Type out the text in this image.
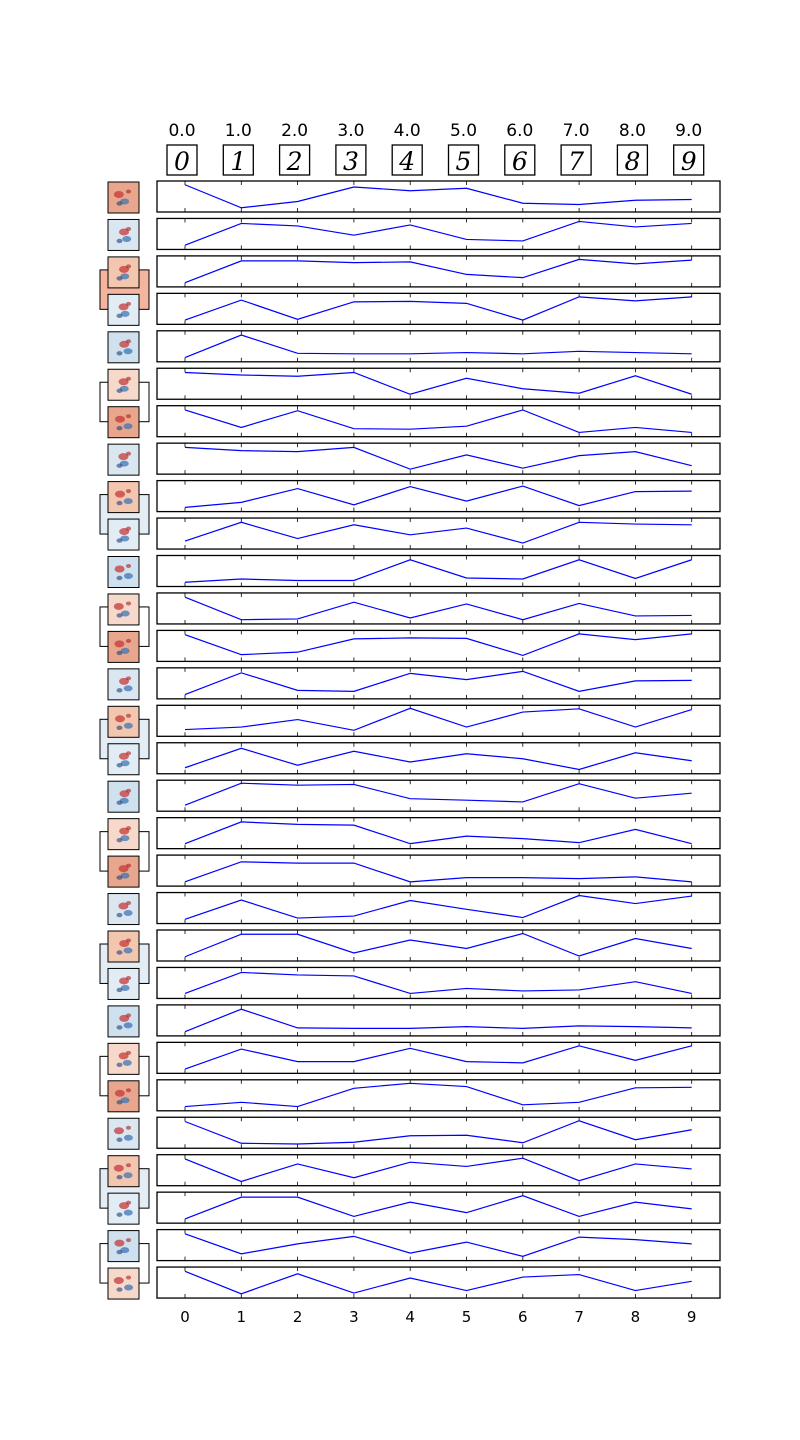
0.0 1.0 2.0 3.0 4.0 5.0 6.0 7.0 8.0 9.0
0 1 2 3 4 5 6 7 8 9
0	1	2	3	4	5	6	7	8	9
